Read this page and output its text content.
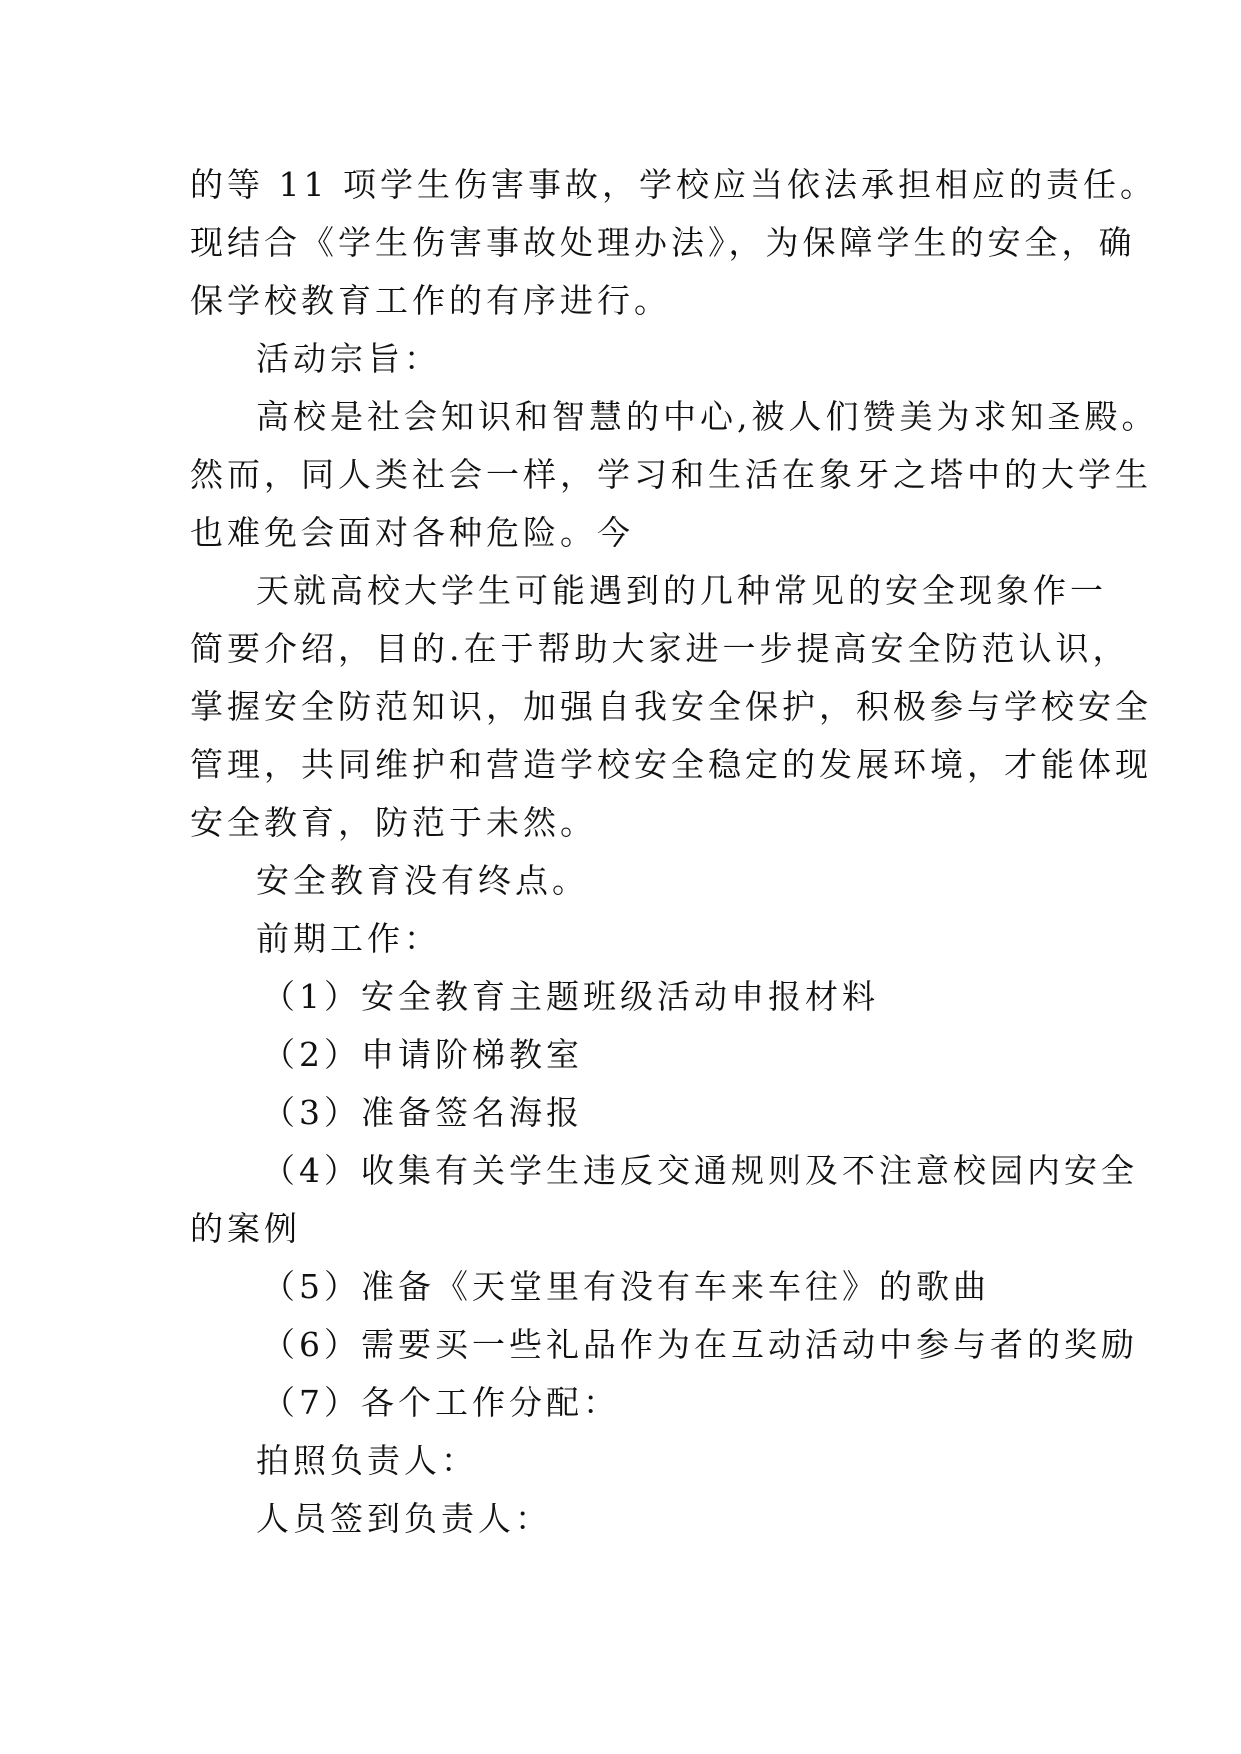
的等 11 项学生伤害事故，学校应当依法承担相应的责任。
现结合《学生伤害事故处理办法》，为保障学生的安全，确
保学校教育工作的有序进行。
活动宗旨：
高校是社会知识和智慧的中心,被人们赞美为求知圣殿。
然而，同人类社会一样，学习和生活在象牙之塔中的大学生
也难免会面对各种危险。今
天就高校大学生可能遇到的几种常见的安全现象作一
简要介绍，目的.在于帮助大家进一步提高安全防范认识，
掌握安全防范知识，加强自我安全保护，积极参与学校安全
管理，共同维护和营造学校安全稳定的发展环境，才能体现
安全教育，防范于未然。
安全教育没有终点。
前期工作：
（1）安全教育主题班级活动申报材料
（2）申请阶梯教室
（3）准备签名海报
（4）收集有关学生违反交通规则及不注意校园内安全
的案例
（5）准备《天堂里有没有车来车往》的歌曲
（6）需要买一些礼品作为在互动活动中参与者的奖励
（7）各个工作分配：
拍照负责人：
人员签到负责人：
